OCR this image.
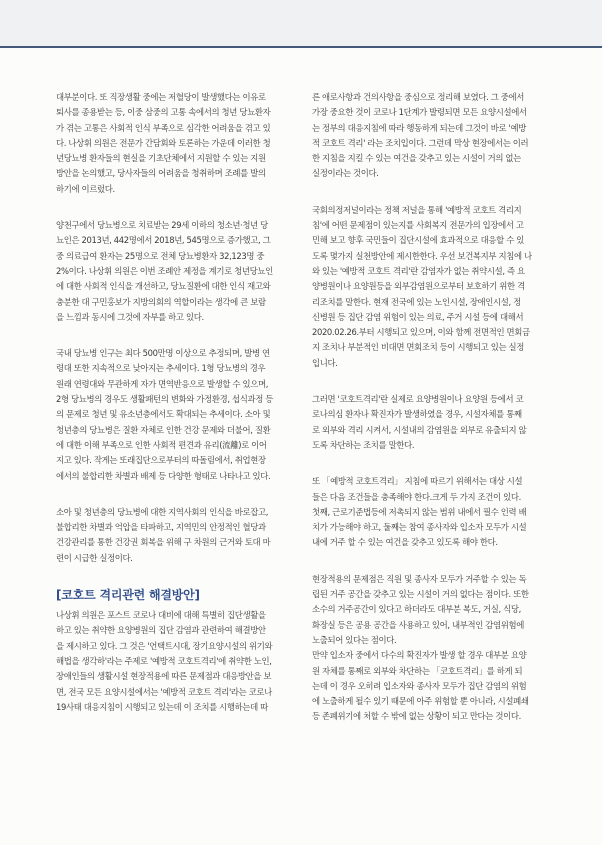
대부분이다. 또 직장생활 중에는 저혈당이 발생했다는 이유로
퇴사를 종용받는 등, 이중 삼중의 고통 속에서의 청년 당뇨환자
가 겪는 고통은 사회적 인식 부족으로 심각한 어려움을 겪고 있
다. 나상휘 의원은 전문가 간담회와 토론하는 가운데 이러한 청
년당뇨병 환자들의 현실을 기초단체에서 지원할 수 있는 지원
방안을 논의했고, 당사자들의 어려움을 청취하며 조례를 발의
하기에 이르렀다.

양천구에서 당뇨병으로 치료받는 29세 이하의 청소년·청년 당
뇨인은 2013년, 442명에서 2018년, 545명으로 증가했고, 그
중 의료급여 환자는 25명으로 전체 당뇨병환자 32,123명 중
2%이다. 나상휘 의원은 이번 조례안 제정을 계기로 청년당뇨인
에 대한 사회적 인식을 개선하고, 당뇨질환에 대한 인식 재고와
충분한 대 구민홍보가 지방의회의 역할이라는 생각에 큰 보람
을 느낌과 동시에 그것에 자부를 하고 있다.

국내 당뇨병 인구는 최다 500만명 이상으로 추정되며, 발병 연
령대 또한 지속적으로 낮아지는 추세이다. 1형 당뇨병의 경우
원래 연령대와 무관하게 자가 면역반응으로 발생할 수 있으며,
2형 당뇨병의 경우도 생활패턴의 변화와 가정환경, 섭식과정 등
의 문제로 청년 및 유소년층에서도 확대되는 추세이다. 소아 및
청년층의 당뇨병은 질환 자체로 인한 건강 문제와 더불어, 질환
에 대한 이해 부족으로 인한 사회적 편견과 유리(流離)로 이어
지고 있다. 작게는 또래집단으로부터의 따돌림에서, 취업현장
에서의 불합리한 차별과 배제 등 다양한 형태로 나타나고 있다.

소아 및 청년층의 당뇨병에 대한 지역사회의 인식을 바로잡고,
불합리한 차별과 억압을 타파하고, 지역민의 안정적인 혈당과
건강관리를 통한 건강권 회복을 위해 구 차원의 근거와 토대 마
련이 시급한 실정이다.

[코호트 격리관련 해결방안]

나상휘 의원은 포스트 코로나 대비에 대해 특별히 집단생활을
하고 있는 취약한 요양병원의 집단 감염과 관련하여 해결방안
을 제시하고 있다. 그 것은 '언택트시대, 장기요양시설의 위기와
해법을 생각하'라는 주제로 '예방적 코호트격리'에 취약한 노인,
장애인들의 생활시설 현장적용에 따른 문제점과 대응방안을 보
면, 전국 모든 요양시설에서는 '예방적 코호트 격리'라는 코로나
19사태 대응지침이 시행되고 있는데 이 조치를 시행하는데 따

른 애로사항과 건의사항을 중심으로 정리해 보였다. 그 중에서
가장 중요한 것이 코로나 1단계가 발령되면 모든 요양시설에서
는 정부의 대응지침에 따라 행동하게 되는데 그것이 바로 '예방
적 코호트 격리' 라는 조치입이다. 그런데 막상 현장에서는 이러
한 지침을 지킬 수 있는 여건을 갖추고 있는 시설이 거의 없는
실정이라는 것이다.

국회의정저널이라는 정책 저널을 통해 '예방적 코호트 격리지
침'에 어떤 문제점이 있는지를 사회복지 전문가의 입장에서 고
민해 보고 향후 국민들이 집단시설에 효과적으로 대응할 수 있
도록 몇가지 실천방안에 제시한한다. 우선 보건복지부 지침에 나
와 있는 '예방적 코호트 격리'란 감염자가 없는 취약시설, 즉 요
양병원이나 요양원등을 외부감염원으로부터 보호하기 위한 격
리조치를 말한다. 현재 전국에 있는 노인시설, 장애인시설, 정
신병원 등 집단 감염 위험이 있는 의료, 주거 시설 등에 대해서
2020.02.26.부터 시행되고 있으며, 이와 함께 전면적인 면회금
지 조치나 부분적인 비대면 면회조치 등이 시행되고 있는 실정
입니다.

그러면 '코호트격리'란 실제로 요양병원이나 요양원 등에서 코
로나의심 환자나 확진자가 발생하였을 경우, 시설자체를 통째
로 외부와 격리 시켜서, 시설내의 감염원을 외부로 유출되지 않
도록 차단하는 조치를 말한다.

또 「예방적 코호트격리」 지침에 따르기 위해서는 대상 시설
들은 다음 조건들을 충족해야 한다.크게 두 가지 조건이 있다.
첫째, 근로기준법등에 저촉되지 않는 범위 내에서 필수 인력 배
치가 가능해야 하고, 둘째는 참여 종사자와 입소자 모두가 시설
내에 거주 할 수 있는 여건을 갖추고 있도록 해야 한다.

현장적용의 문제점은 직원 및 종사자 모두가 거주할 수 있는 독
립된 거주 공간을 갖추고 있는 시설이 거의 없다는 점이다. 또한
소수의 거주공간이 있다고 하더라도 대부분 복도, 거실, 식당,
화장실 등은 공용 공간을 사용하고 있어, 내부적인 감염위험에
노출되어 있다는 점이다.
만약 입소자 중에서 다수의 확진자가 발생 할 경우 대부분 요양
원 자체를 통째로 외부와 차단하는 「코호트격리」를 하게 되
는데 이 경우 오히려 입소자와 종사자 모두가 집단 감염의 위험
에 노출하게 될수 있기 때문에 아주 위험할 뿐 아니라, 시설폐쇄
등 존폐위기에 처할 수 밖에 없는 상황이 되고 만다는 것이다.
